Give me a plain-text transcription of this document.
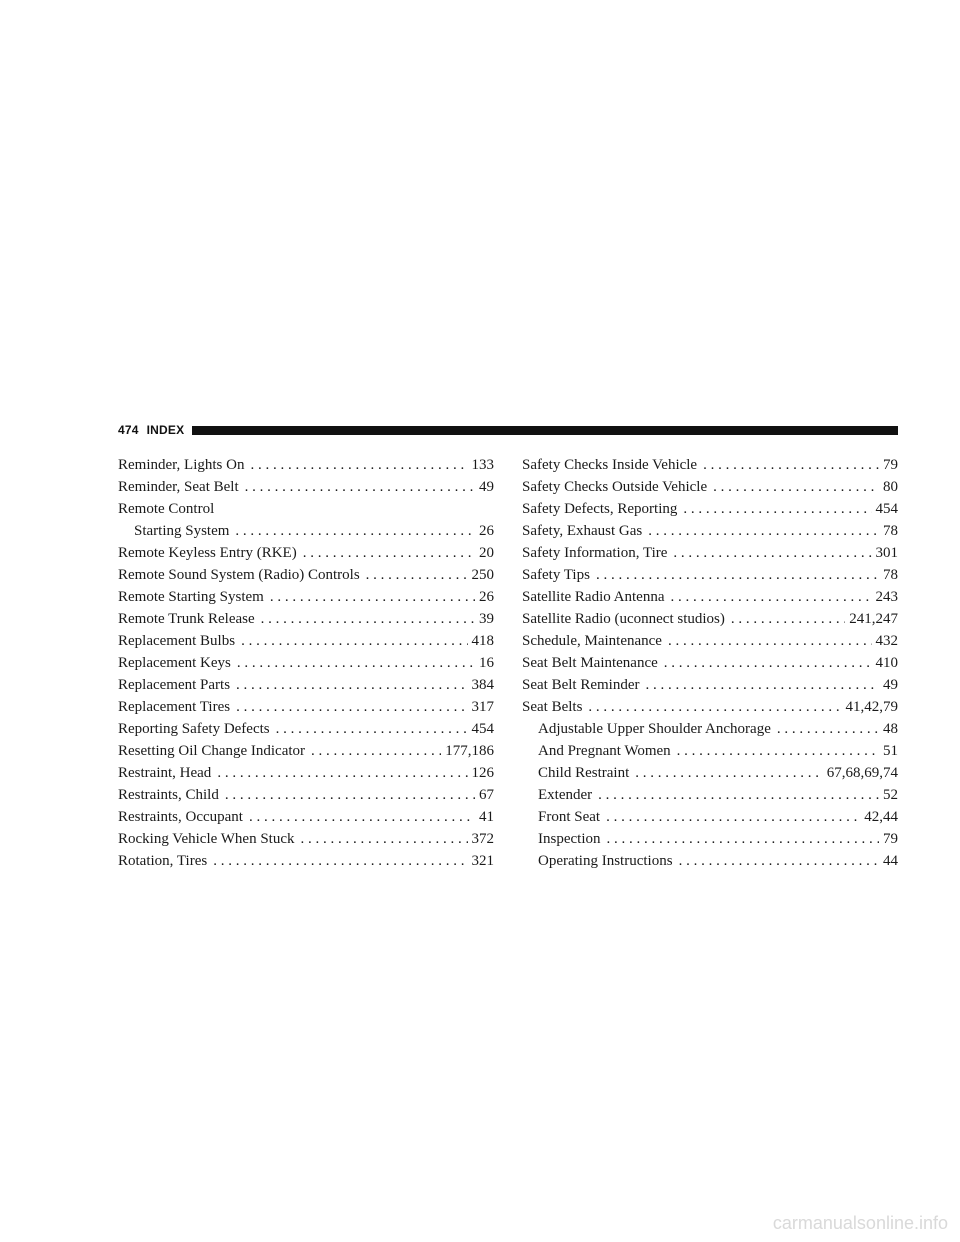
474 INDEX
Reminder, Lights On . . .	133
Reminder, Seat Belt . . .	49
Remote Control
Starting System . . .	26
Remote Keyless Entry (RKE) . . .	20
Remote Sound System (Radio) Controls . . .	250
Remote Starting System . . .	26
Remote Trunk Release . . .	39
Replacement Bulbs . . .	418
Replacement Keys . . .	16
Replacement Parts . . .	384
Replacement Tires . . .	317
Reporting Safety Defects . . .	454
Resetting Oil Change Indicator . . .	177,186
Restraint, Head . . .	126
Restraints, Child . . .	67
Restraints, Occupant . . .	41
Rocking Vehicle When Stuck . . .	372
Rotation, Tires . . .	321
Safety Checks Inside Vehicle . . .	79
Safety Checks Outside Vehicle . . .	80
Safety Defects, Reporting . . .	454
Safety, Exhaust Gas . . .	78
Safety Information, Tire . . .	301
Safety Tips . . .	78
Satellite Radio Antenna . . .	243
Satellite Radio (uconnect studios) . . .	241,247
Schedule, Maintenance . . .	432
Seat Belt Maintenance . . .	410
Seat Belt Reminder . . .	49
Seat Belts . . .	41,42,79
Adjustable Upper Shoulder Anchorage . . .	48
And Pregnant Women . . .	51
Child Restraint . . .	67,68,69,74
Extender . . .	52
Front Seat . . .	42,44
Inspection . . .	79
Operating Instructions . . .	44
carmanualsonline.info
